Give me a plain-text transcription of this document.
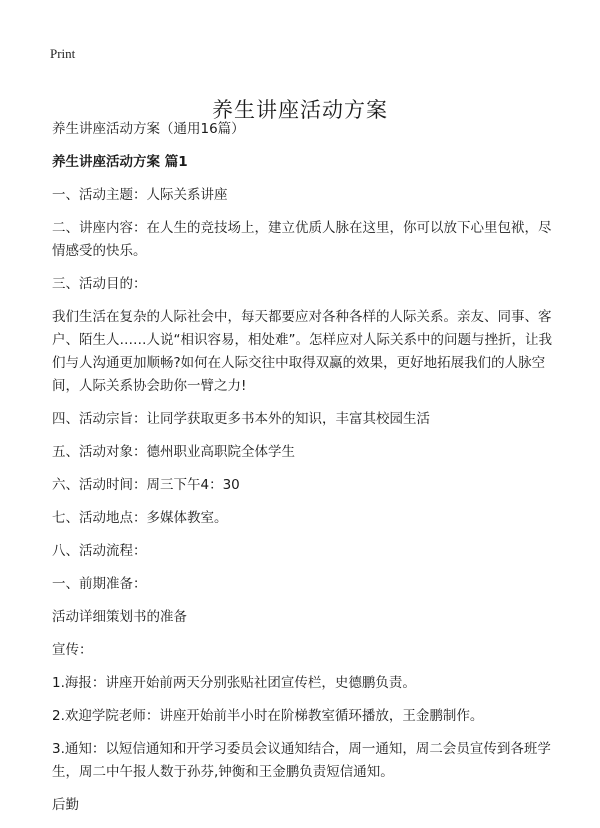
Print
养生讲座活动方案

养生讲座活动方案（通用16篇）

养生讲座活动方案 篇1

一、活动主题：人际关系讲座

二、讲座内容：在人生的竞技场上，建立优质人脉在这里，你可以放下心里包袱，尽情感受的快乐。

三、活动目的：

我们生活在复杂的人际社会中，每天都要应对各种各样的人际关系。亲友、同事、客户、陌生人……人说“相识容易，相处难”。怎样应对人际关系中的问题与挫折，让我们与人沟通更加顺畅?如何在人际交往中取得双赢的效果，更好地拓展我们的人脉空间，人际关系协会助你一臂之力!

四、活动宗旨：让同学获取更多书本外的知识，丰富其校园生活

五、活动对象：德州职业高职院全体学生

六、活动时间：周三下午4：30

七、活动地点：多媒体教室。

八、活动流程：

一、前期准备：

活动详细策划书的准备

宣传：

1.海报：讲座开始前两天分别张贴社团宣传栏，史德鹏负责。

2.欢迎学院老师：讲座开始前半小时在阶梯教室循环播放，王金鹏制作。

3.通知：以短信通知和开学习委员会议通知结合，周一通知，周二会员宣传到各班学生，周二中午报人数于孙芬,钟衡和王金鹏负责短信通知。

后勤
